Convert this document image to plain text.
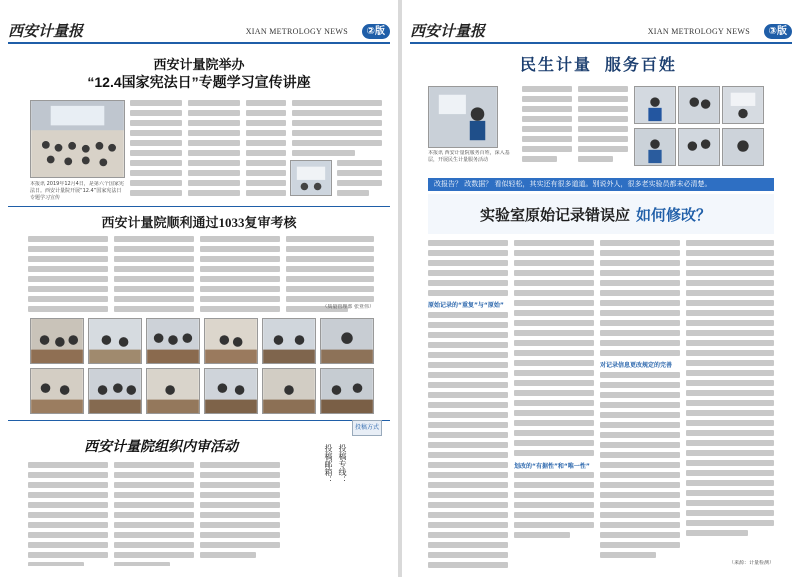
西安计量报	XIAN METROLOGY NEWS	②版
西安计量院举办
“12.4国家宪法日”专题学习宣传讲座
本报讯 2019年12月4日，是第六个国家宪法日。西安计量院开展“12.4”国家宪法日专题学习宣传
西安计量院顺利通过1033复审考核
（质量管理部 张亚伟）
西安计量院组织内审活动
投稿方式
投稿专线：
投稿邮箱：
西安计量报	XIAN METROLOGY NEWS	③版
民生计量  服务百姓
本报讯 西安计量院服务百姓，深入基层，开展民生计量服务活动
改报告？ 改数据？ 看似轻松，其实还有很多道道。别说外人，很多老实验员都未必清楚。
实验室原始记录错误应 如何修改？
原始记录的“重复”与“原始”
划改的“有据性”和“唯一性”
对记录信息更改规定的完善
（来源：计量检测）
